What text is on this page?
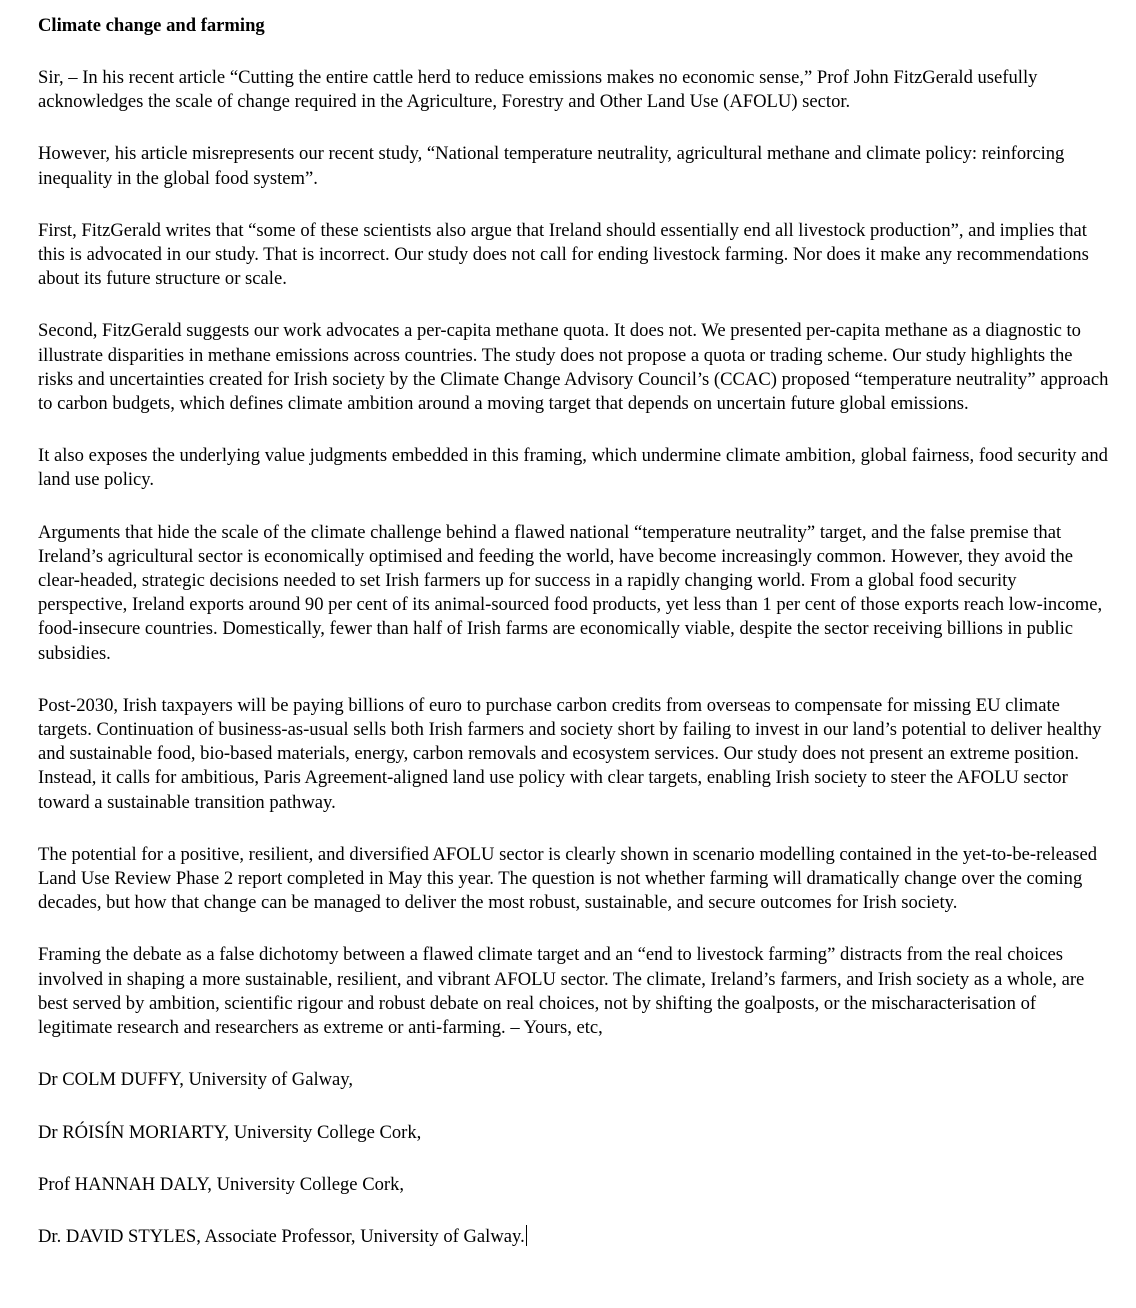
Climate change and farming
Sir, – In his recent article “Cutting the entire cattle herd to reduce emissions makes no economic sense,” Prof John FitzGerald usefully acknowledges the scale of change required in the Agriculture, Forestry and Other Land Use (AFOLU) sector.
However, his article misrepresents our recent study, “National temperature neutrality, agricultural methane and climate policy: reinforcing inequality in the global food system”.
First, FitzGerald writes that “some of these scientists also argue that Ireland should essentially end all livestock production”, and implies that this is advocated in our study. That is incorrect. Our study does not call for ending livestock farming. Nor does it make any recommendations about its future structure or scale.
Second, FitzGerald suggests our work advocates a per-capita methane quota. It does not. We presented per-capita methane as a diagnostic to illustrate disparities in methane emissions across countries. The study does not propose a quota or trading scheme. Our study highlights the risks and uncertainties created for Irish society by the Climate Change Advisory Council’s (CCAC) proposed “temperature neutrality” approach to carbon budgets, which defines climate ambition around a moving target that depends on uncertain future global emissions.
It also exposes the underlying value judgments embedded in this framing, which undermine climate ambition, global fairness, food security and land use policy.
Arguments that hide the scale of the climate challenge behind a flawed national “temperature neutrality” target, and the false premise that Ireland’s agricultural sector is economically optimised and feeding the world, have become increasingly common. However, they avoid the clear-headed, strategic decisions needed to set Irish farmers up for success in a rapidly changing world. From a global food security perspective, Ireland exports around 90 per cent of its animal-sourced food products, yet less than 1 per cent of those exports reach low-income, food-insecure countries. Domestically, fewer than half of Irish farms are economically viable, despite the sector receiving billions in public subsidies.
Post-2030, Irish taxpayers will be paying billions of euro to purchase carbon credits from overseas to compensate for missing EU climate targets. Continuation of business-as-usual sells both Irish farmers and society short by failing to invest in our land’s potential to deliver healthy and sustainable food, bio-based materials, energy, carbon removals and ecosystem services. Our study does not present an extreme position. Instead, it calls for ambitious, Paris Agreement-aligned land use policy with clear targets, enabling Irish society to steer the AFOLU sector toward a sustainable transition pathway.
The potential for a positive, resilient, and diversified AFOLU sector is clearly shown in scenario modelling contained in the yet-to-be-released Land Use Review Phase 2 report completed in May this year. The question is not whether farming will dramatically change over the coming decades, but how that change can be managed to deliver the most robust, sustainable, and secure outcomes for Irish society.
Framing the debate as a false dichotomy between a flawed climate target and an “end to livestock farming” distracts from the real choices involved in shaping a more sustainable, resilient, and vibrant AFOLU sector. The climate, Ireland’s farmers, and Irish society as a whole, are best served by ambition, scientific rigour and robust debate on real choices, not by shifting the goalposts, or the mischaracterisation of legitimate research and researchers as extreme or anti-farming. – Yours, etc,
Dr COLM DUFFY, University of Galway,
Dr RÓISÍN MORIARTY, University College Cork,
Prof HANNAH DALY, University College Cork,
Dr. DAVID STYLES, Associate Professor, University of Galway.
